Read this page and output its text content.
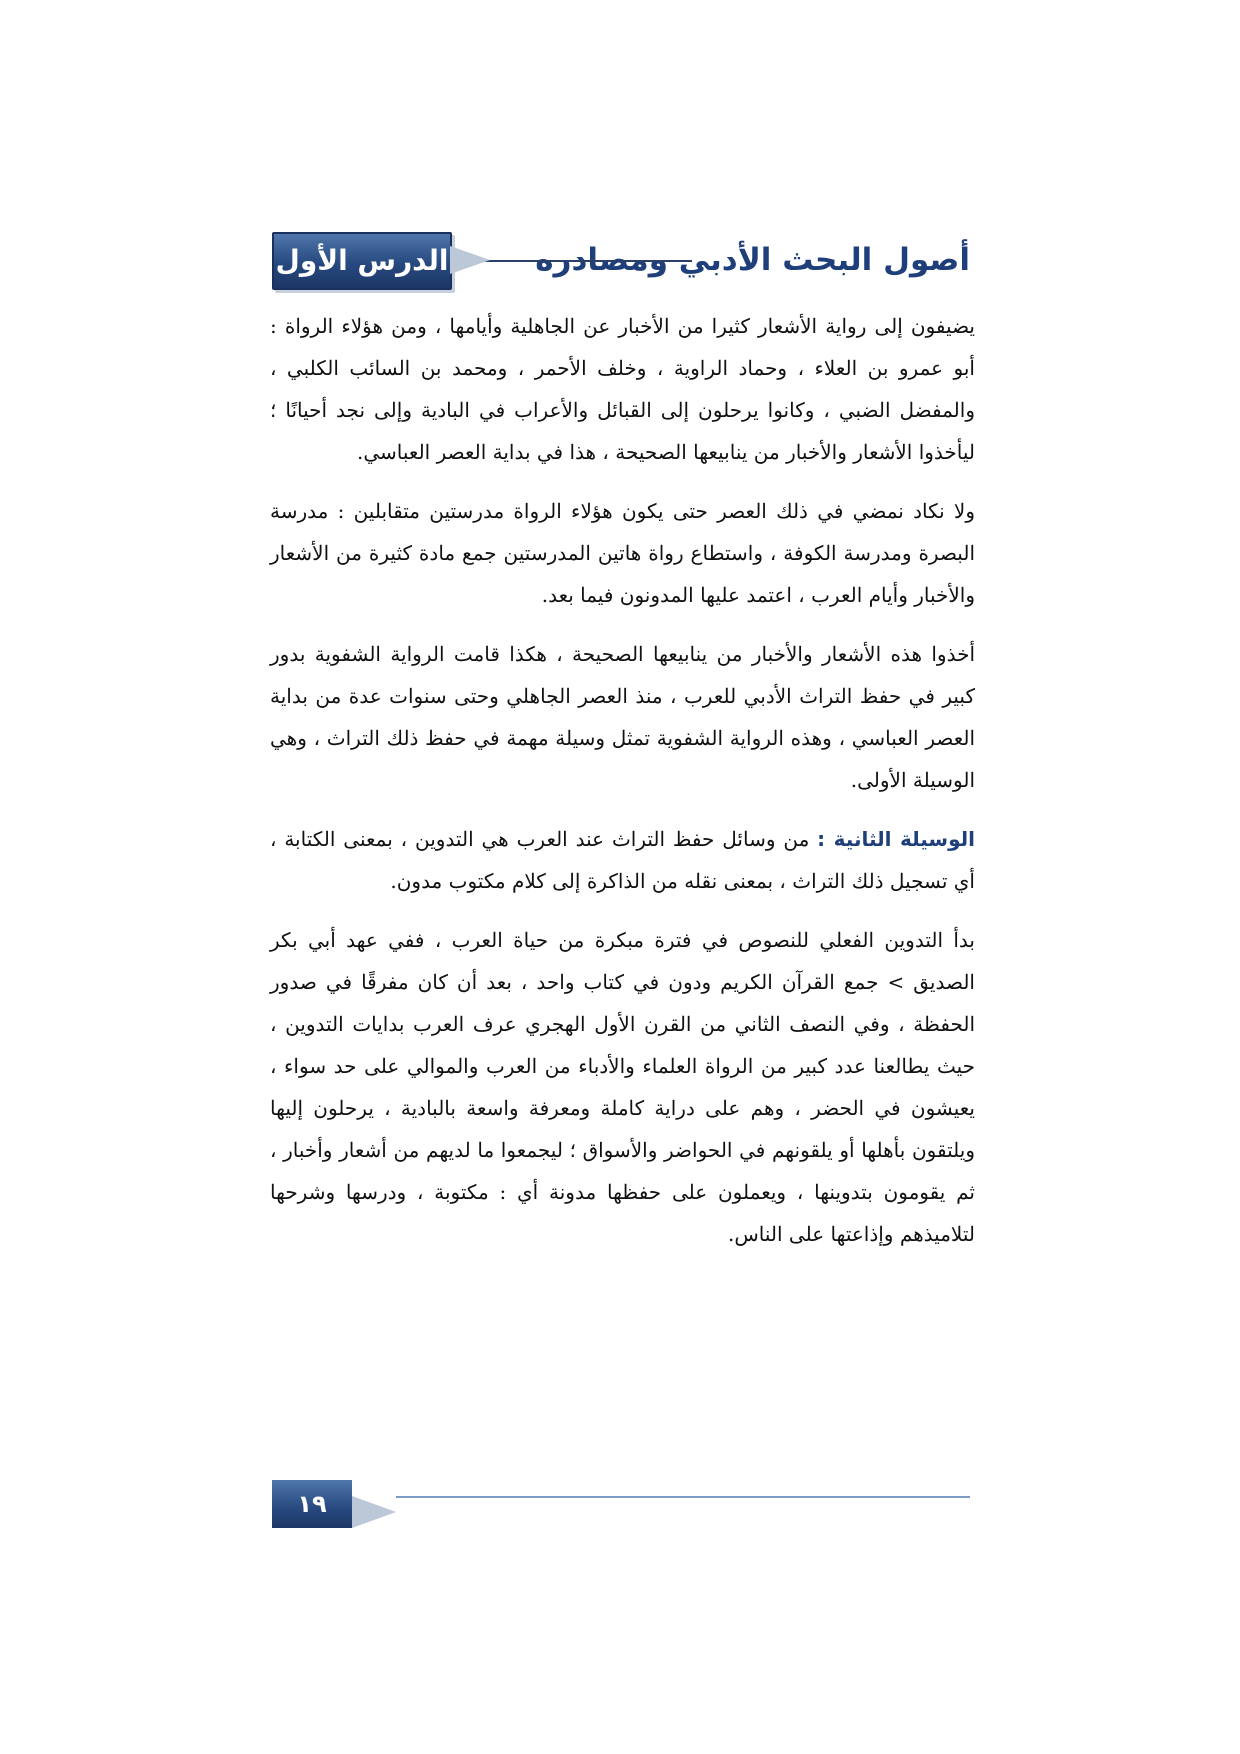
أصول البحث الأدبي ومصادره
الدرس الأول

يضيفون إلى رواية الأشعار كثيرا من الأخبار عن الجاهلية وأيامها ، ومن هؤلاء الرواة : أبو عمرو بن العلاء ، وحماد الراوية ، وخلف الأحمر ، ومحمد بن السائب الكلبي ، والمفضل الضبي ، وكانوا يرحلون إلى القبائل والأعراب في البادية وإلى نجد أحيانًا ؛ ليأخذوا الأشعار والأخبار من ينابيعها الصحيحة ، هذا في بداية العصر العباسي.

ولا نكاد نمضي في ذلك العصر حتى يكون هؤلاء الرواة مدرستين متقابلين : مدرسة البصرة ومدرسة الكوفة ، واستطاع رواة هاتين المدرستين جمع مادة كثيرة من الأشعار والأخبار وأيام العرب ، اعتمد عليها المدونون فيما بعد.

أخذوا هذه الأشعار والأخبار من ينابيعها الصحيحة ، هكذا قامت الرواية الشفوية بدور كبير في حفظ التراث الأدبي للعرب ، منذ العصر الجاهلي وحتى سنوات عدة من بداية العصر العباسي ، وهذه الرواية الشفوية تمثل وسيلة مهمة في حفظ ذلك التراث ، وهي الوسيلة الأولى.

الوسيلة الثانية : من وسائل حفظ التراث عند العرب هي التدوين ، بمعنى الكتابة ، أي تسجيل ذلك التراث ، بمعنى نقله من الذاكرة إلى كلام مكتوب مدون.

بدأ التدوين الفعلي للنصوص في فترة مبكرة من حياة العرب ، ففي عهد أبي بكر الصديق > جمع القرآن الكريم ودون في كتاب واحد ، بعد أن كان مفرقًا في صدور الحفظة ، وفي النصف الثاني من القرن الأول الهجري عرف العرب بدايات التدوين ، حيث يطالعنا عدد كبير من الرواة العلماء والأدباء من العرب والموالي على حد سواء ، يعيشون في الحضر ، وهم على دراية كاملة ومعرفة واسعة بالبادية ، يرحلون إليها ويلتقون بأهلها أو يلقونهم في الحواضر والأسواق ؛ ليجمعوا ما لديهم من أشعار وأخبار ، ثم يقومون بتدوينها ، ويعملون على حفظها مدونة أي : مكتوبة ، ودرسها وشرحها لتلاميذهم وإذاعتها على الناس.

١٩
